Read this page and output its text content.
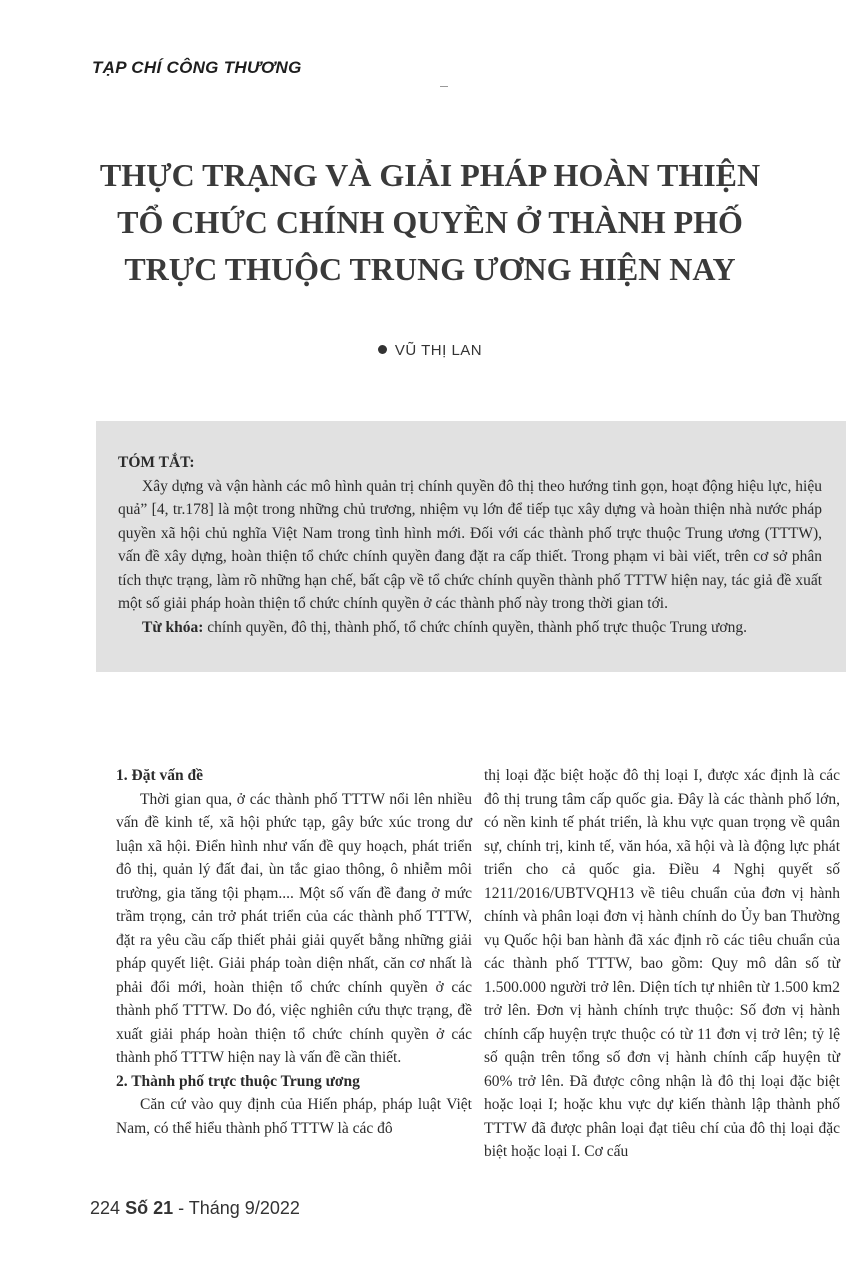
TẠP CHÍ CÔNG THƯƠNG
THỰC TRẠNG VÀ GIẢI PHÁP HOÀN THIỆN
TỔ CHỨC CHÍNH QUYỀN Ở THÀNH PHỐ
TRỰC THUỘC TRUNG ƯƠNG HIỆN NAY
VŨ THỊ LAN
TÓM TẮT:

Xây dựng và vận hành các mô hình quản trị chính quyền đô thị theo hướng tinh gọn, hoạt động hiệu lực, hiệu quả” [4, tr.178] là một trong những chủ trương, nhiệm vụ lớn để tiếp tục xây dựng và hoàn thiện nhà nước pháp quyền xã hội chủ nghĩa Việt Nam trong tình hình mới. Đối với các thành phố trực thuộc Trung ương (TTTW), vấn đề xây dựng, hoàn thiện tổ chức chính quyền đang đặt ra cấp thiết. Trong phạm vi bài viết, trên cơ sở phân tích thực trạng, làm rõ những hạn chế, bất cập về tổ chức chính quyền thành phố TTTW hiện nay, tác giả đề xuất một số giải pháp hoàn thiện tổ chức chính quyền ở các thành phố này trong thời gian tới.

Từ khóa: chính quyền, đô thị, thành phố, tổ chức chính quyền, thành phố trực thuộc Trung ương.

1. Đặt vấn đề

Thời gian qua, ở các thành phố TTTW nổi lên nhiều vấn đề kinh tế, xã hội phức tạp, gây bức xúc trong dư luận xã hội. Điển hình như vấn đề quy hoạch, phát triển đô thị, quản lý đất đai, ùn tắc giao thông, ô nhiễm môi trường, gia tăng tội phạm.... Một số vấn đề đang ở mức trầm trọng, cản trở phát triển của các thành phố TTTW, đặt ra yêu cầu cấp thiết phải giải quyết bằng những giải pháp quyết liệt. Giải pháp toàn diện nhất, căn cơ nhất là phải đổi mới, hoàn thiện tổ chức chính quyền ở các thành phố TTTW. Do đó, việc nghiên cứu thực trạng, đề xuất giải pháp hoàn thiện tổ chức chính quyền ở các thành phố TTTW hiện nay là vấn đề cần thiết.

2. Thành phố trực thuộc Trung ương

Căn cứ vào quy định của Hiến pháp, pháp luật Việt Nam, có thể hiểu thành phố TTTW là các đô

thị loại đặc biệt hoặc đô thị loại I, được xác định là các đô thị trung tâm cấp quốc gia. Đây là các thành phố lớn, có nền kinh tế phát triển, là khu vực quan trọng về quân sự, chính trị, kinh tế, văn hóa, xã hội và là động lực phát triển cho cả quốc gia. Điều 4 Nghị quyết số 1211/2016/UBTVQH13 về tiêu chuẩn của đơn vị hành chính và phân loại đơn vị hành chính do Ủy ban Thường vụ Quốc hội ban hành đã xác định rõ các tiêu chuẩn của các thành phố TTTW, bao gồm: Quy mô dân số từ 1.500.000 người trở lên. Diện tích tự nhiên từ 1.500 km2 trở lên. Đơn vị hành chính trực thuộc: Số đơn vị hành chính cấp huyện trực thuộc có từ 11 đơn vị trở lên; tỷ lệ số quận trên tổng số đơn vị hành chính cấp huyện từ 60% trở lên. Đã được công nhận là đô thị loại đặc biệt hoặc loại I; hoặc khu vực dự kiến thành lập thành phố TTTW đã được phân loại đạt tiêu chí của đô thị loại đặc biệt hoặc loại I. Cơ cấu

224 Số 21 - Tháng 9/2022
